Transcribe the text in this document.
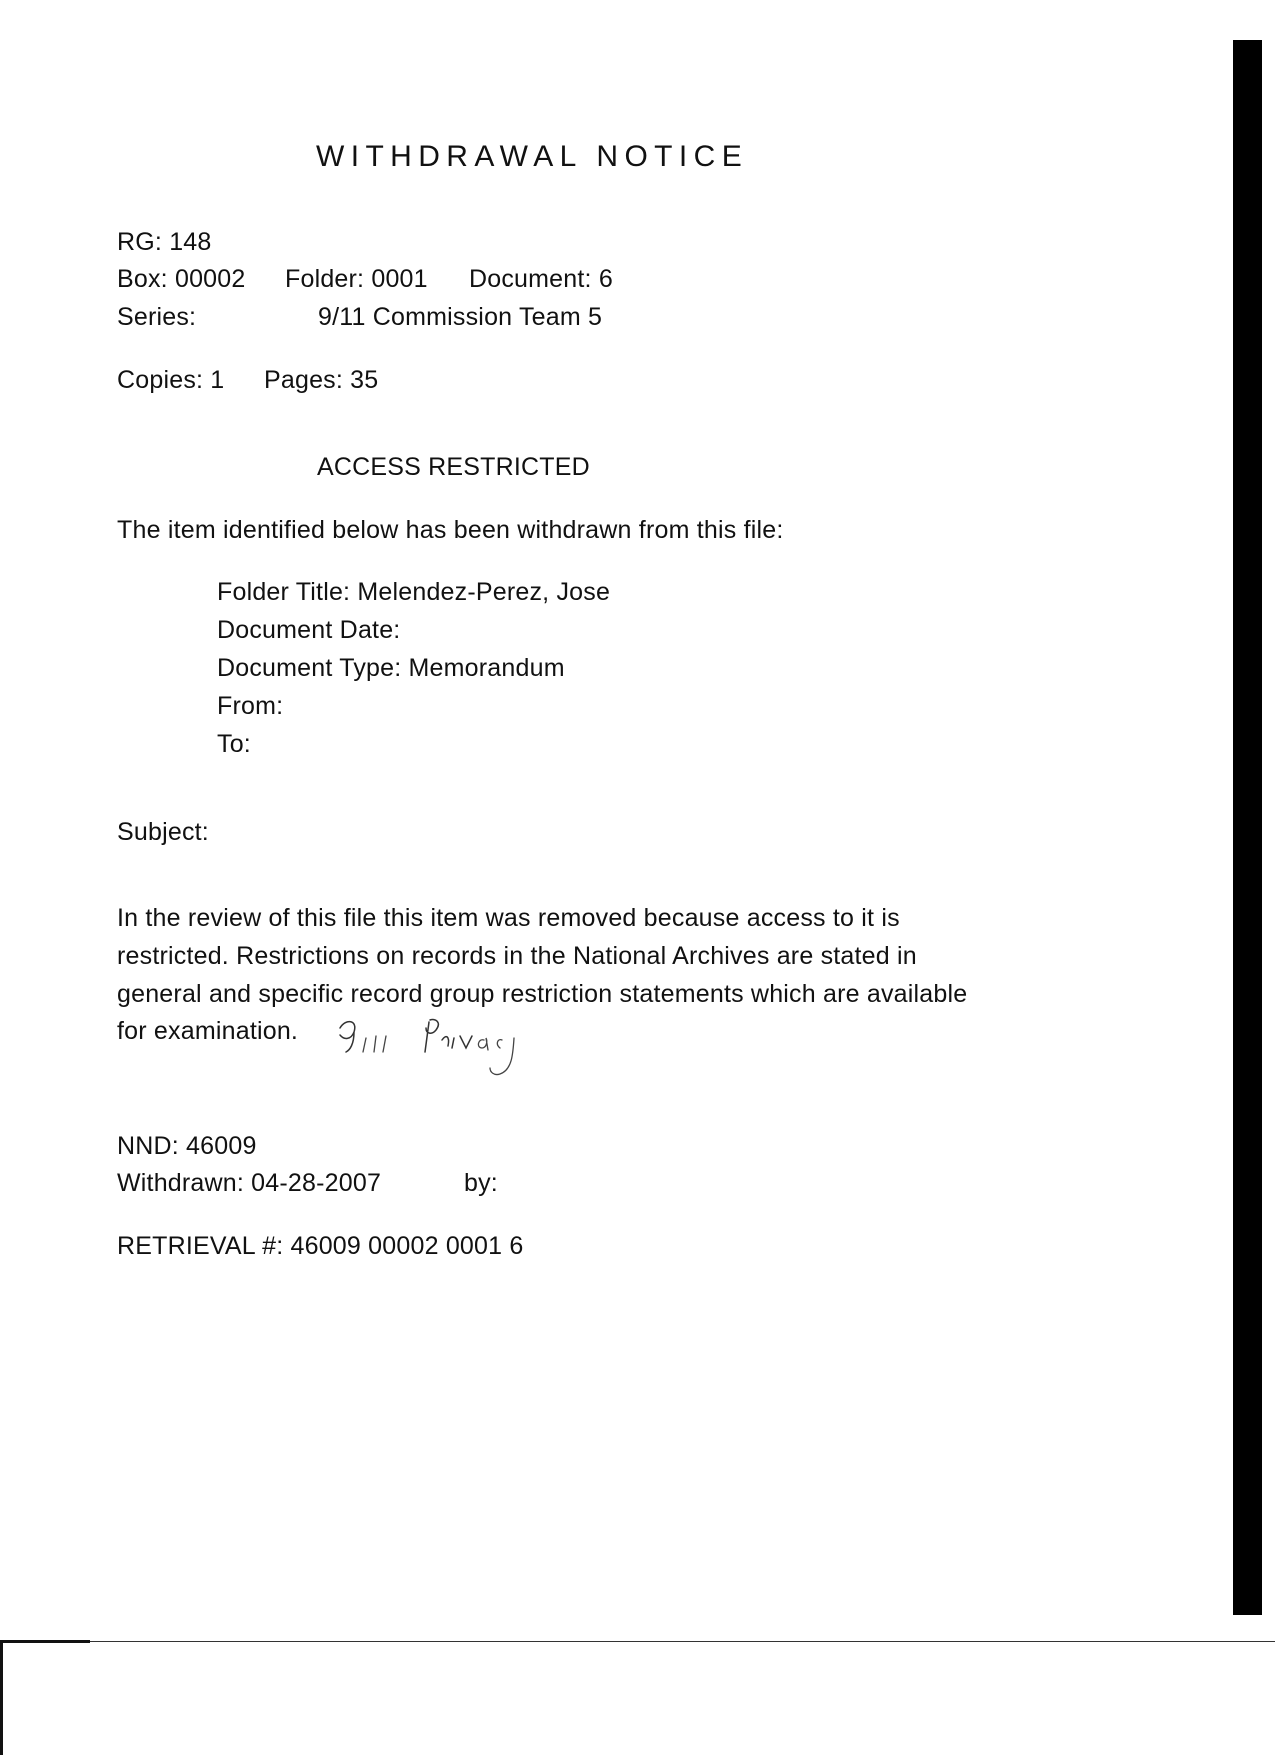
WITHDRAWAL NOTICE
RG: 148
Box: 00002 Folder: 0001 Document: 6
Series:	9/11 Commission Team 5
Copies: 1 Pages: 35
ACCESS RESTRICTED
The item identified below has been withdrawn from this file:
Folder Title: Melendez-Perez, Jose
Document Date:
Document Type: Memorandum
From:
To:
Subject:
In the review of this file this item was removed because access to it is
restricted. Restrictions on records in the National Archives are stated in
general and specific record group restriction statements which are available
for examination.
NND: 46009
Withdrawn: 04-28-2007	by:
RETRIEVAL #: 46009 00002 0001 6
